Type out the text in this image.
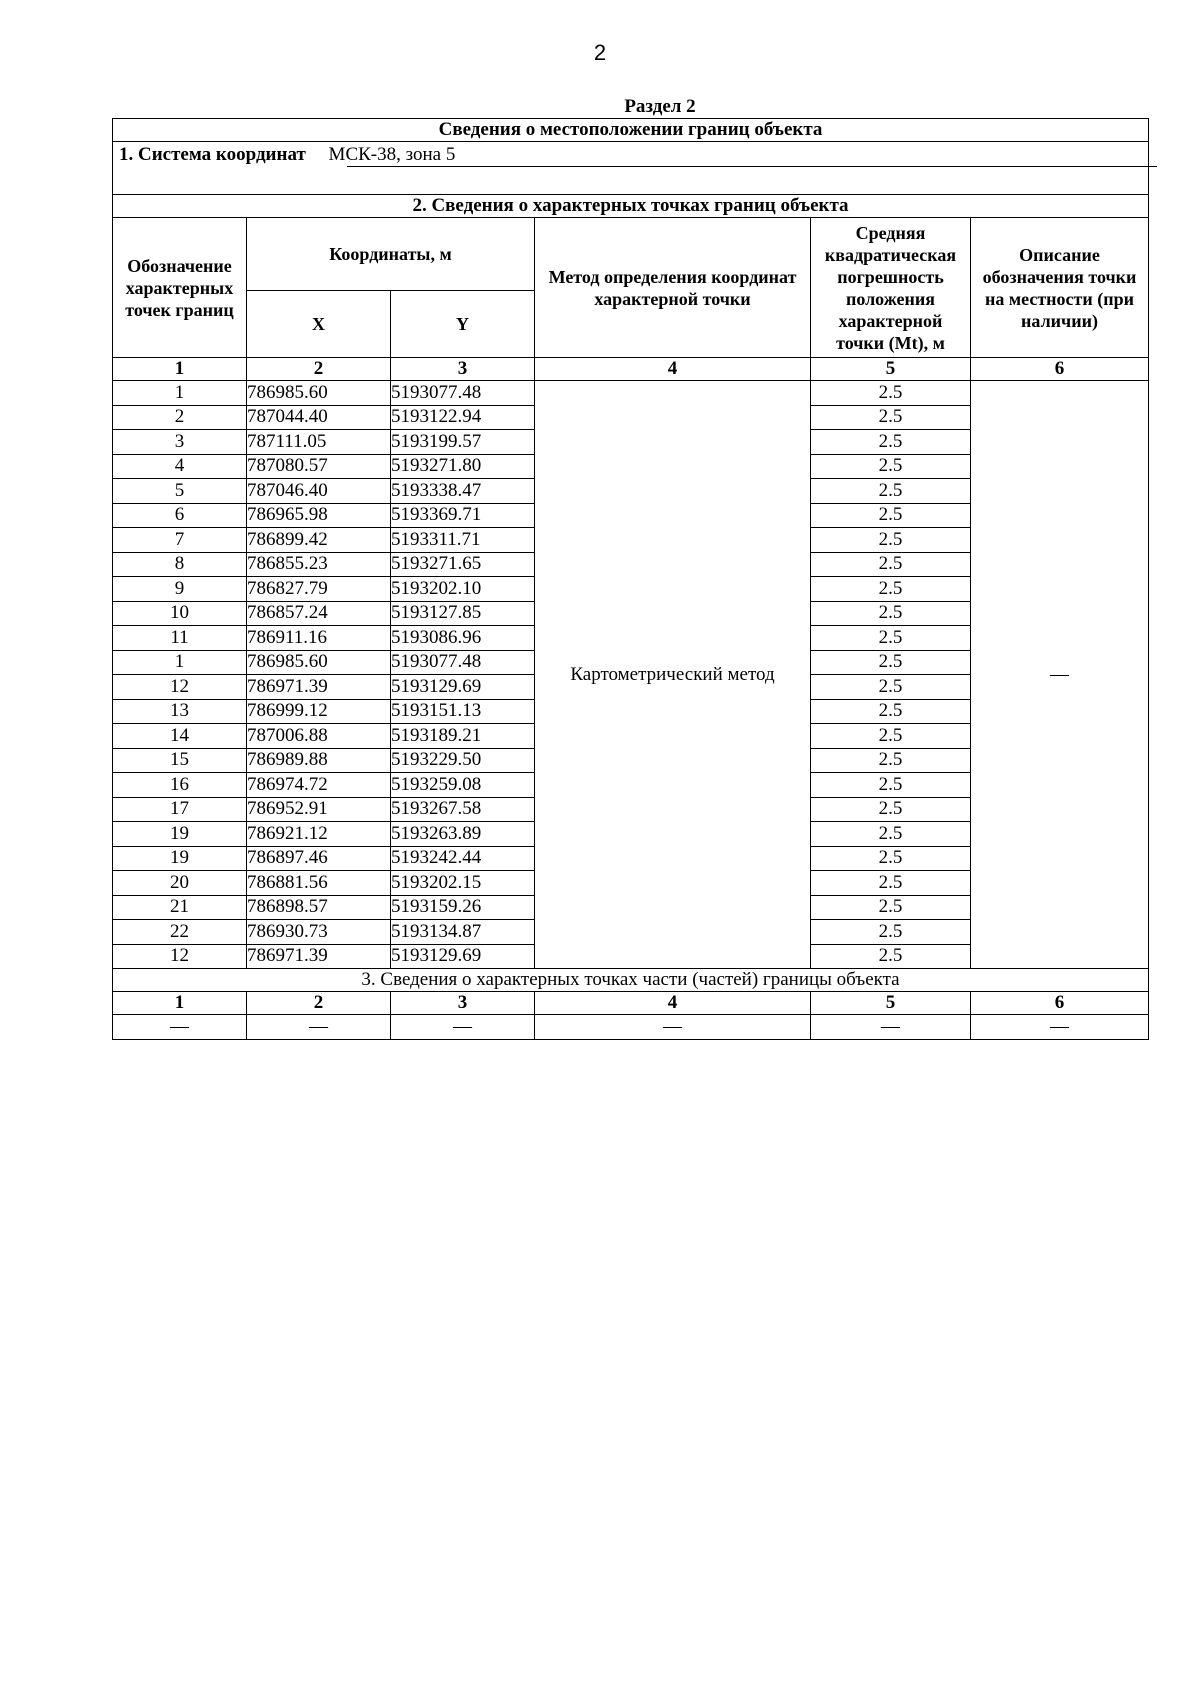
2
Раздел 2
Сведения о местоположении границ объекта					
1. Система координат МСК-38, зона 5					

2. Сведения о характерных точках границ объекта					
Обозначение характерных точек границ	Координаты, м		Метод определения координат характерной точки	Средняя квадратическая погрешность положения характерной точки (Mt), м	Описание обозначения точки на местности (при наличии)
	X	Y			
1	2	3	4	5	6
1	786985.60	5193077.48	Картометрический метод	2.5	—
2	787044.40	5193122.94		2.5	
3	787111.05	5193199.57		2.5	
4	787080.57	5193271.80		2.5	
5	787046.40	5193338.47		2.5	
6	786965.98	5193369.71		2.5	
7	786899.42	5193311.71		2.5	
8	786855.23	5193271.65		2.5	
9	786827.79	5193202.10		2.5	
10	786857.24	5193127.85		2.5	
11	786911.16	5193086.96		2.5	
1	786985.60	5193077.48		2.5	
12	786971.39	5193129.69		2.5	
13	786999.12	5193151.13		2.5	
14	787006.88	5193189.21		2.5	
15	786989.88	5193229.50		2.5	
16	786974.72	5193259.08		2.5	
17	786952.91	5193267.58		2.5	
19	786921.12	5193263.89		2.5	
19	786897.46	5193242.44		2.5	
20	786881.56	5193202.15		2.5	
21	786898.57	5193159.26		2.5	
22	786930.73	5193134.87		2.5	
12	786971.39	5193129.69		2.5	
3. Сведения о характерных точках части (частей) границы объекта					
1	2	3	4	5	6
—	—	—	—	—	—
